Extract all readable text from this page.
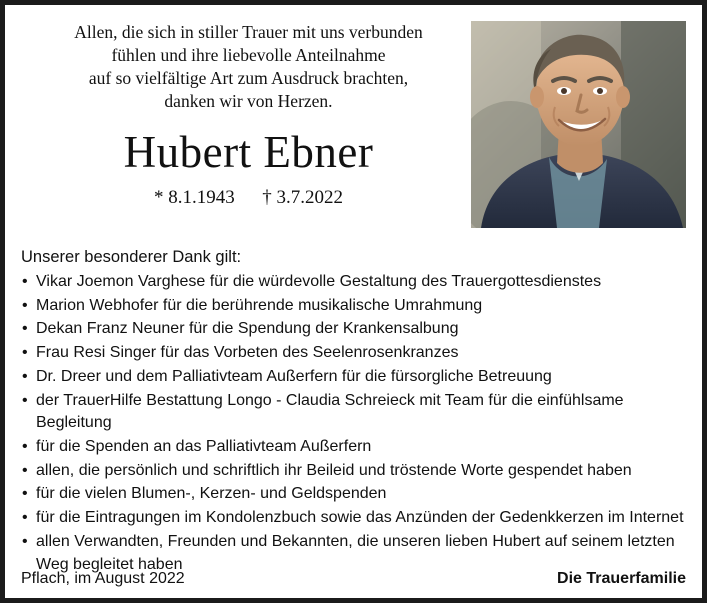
Allen, die sich in stiller Trauer mit uns verbunden
fühlen und ihre liebevolle Anteilnahme
auf so vielfältige Art zum Ausdruck brachten,
danken wir von Herzen.
Hubert Ebner
* 8.1.1943 † 3.7.2022
Unserer besonderer Dank gilt:
• Vikar Joemon Varghese für die würdevolle Gestaltung des Trauergottesdienstes
• Marion Webhofer für die berührende musikalische Umrahmung
• Dekan Franz Neuner für die Spendung der Krankensalbung
• Frau Resi Singer für das Vorbeten des Seelenrosenkranzes
• Dr. Dreer und dem Palliativteam Außerfern für die fürsorgliche Betreuung
• der TrauerHilfe Bestattung Longo - Claudia Schreieck mit Team für die einfühlsame Begleitung
• für die Spenden an das Palliativteam Außerfern
• allen, die persönlich und schriftlich ihr Beileid und tröstende Worte gespendet haben
• für die vielen Blumen-, Kerzen- und Geldspenden
• für die Eintragungen im Kondolenzbuch sowie das Anzünden der Gedenkkerzen im Internet
• allen Verwandten, Freunden und Bekannten, die unseren lieben Hubert auf seinem letzten Weg begleitet haben
Pflach, im August 2022	Die Trauerfamilie
